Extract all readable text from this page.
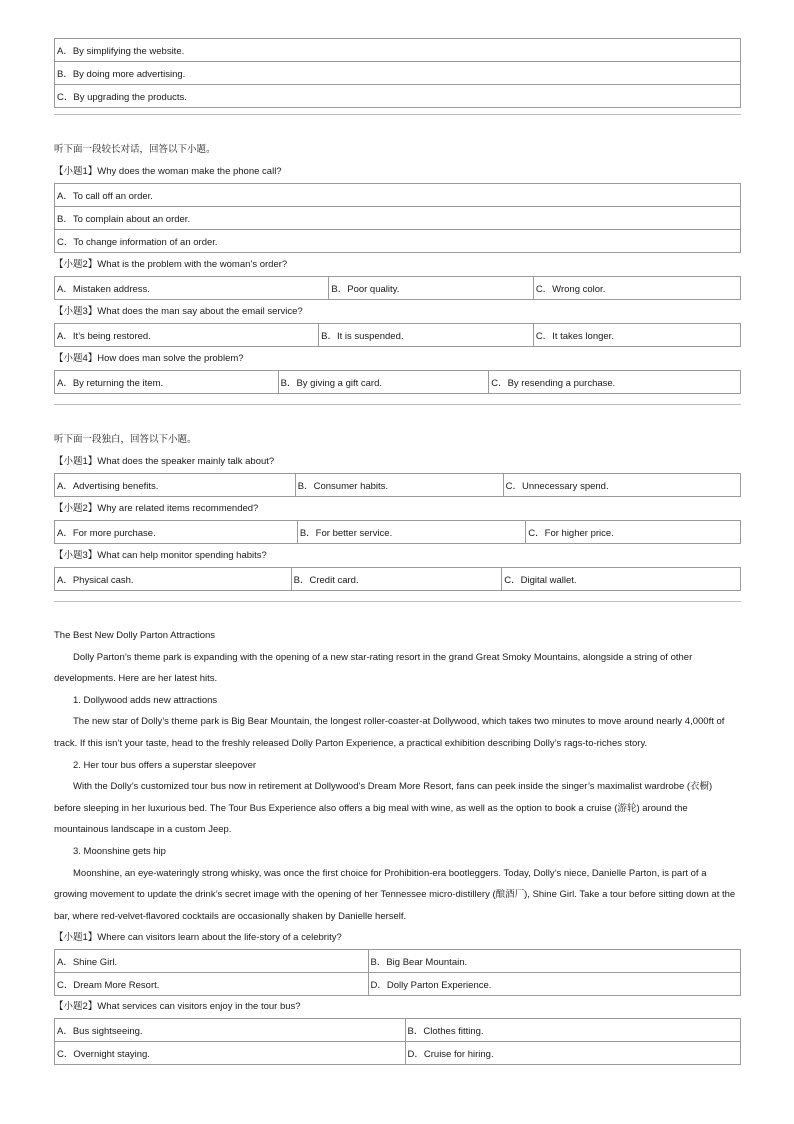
A．By simplifying the website.
B．By doing more advertising.
C．By upgrading the products.
听下面一段较长对话，回答以下小题。
【小题1】Why does the woman make the phone call?
A．To call off an order.
B．To complain about an order.
C．To change information of an order.
【小题2】What is the problem with the woman’s order?
A．Mistaken address.	B．Poor quality.	C．Wrong color.
【小题3】What does the man say about the email service?
A．It’s being restored.	B．It is suspended.	C．It takes longer.
【小题4】How does man solve the problem?
A．By returning the item.	B．By giving a gift card.	C．By resending a purchase.
听下面一段独白，回答以下小题。
【小题1】What does the speaker mainly talk about?
A．Advertising benefits.	B．Consumer habits.	C．Unnecessary spend.
【小题2】Why are related items recommended?
A．For more purchase.	B．For better service.	C．For higher price.
【小题3】What can help monitor spending habits?
A．Physical cash.	B．Credit card.	C．Digital wallet.
The Best New Dolly Parton Attractions
Dolly Parton’s theme park is expanding with the opening of a new star-rating resort in the grand Great Smoky Mountains, alongside a string of other developments. Here are her latest hits.
1. Dollywood adds new attractions
The new star of Dolly’s theme park is Big Bear Mountain, the longest roller-coaster-at Dollywood, which takes two minutes to move around nearly 4,000ft of track. If this isn’t your taste, head to the freshly released Dolly Parton Experience, a practical exhibition describing Dolly’s rags-to-riches story.
2. Her tour bus offers a superstar sleepover
With the Dolly’s customized tour bus now in retirement at Dollywood’s Dream More Resort, fans can peek inside the singer’s maximalist wardrobe (衣橱) before sleeping in her luxurious bed. The Tour Bus Experience also offers a big meal with wine, as well as the option to book a cruise (游轮) around the mountainous landscape in a custom Jeep.
3. Moonshine gets hip
Moonshine, an eye-wateringly strong whisky, was once the first choice for Prohibition-era bootleggers. Today, Dolly’s niece, Danielle Parton, is part of a growing movement to update the drink’s secret image with the opening of her Tennessee micro-distillery (酿酒厂), Shine Girl. Take a tour before sitting down at the bar, where red-velvet-flavored cocktails are occasionally shaken by Danielle herself.
【小题1】Where can visitors learn about the life-story of a celebrity?
A．Shine Girl.	B．Big Bear Mountain.
C．Dream More Resort.	D．Dolly Parton Experience.
【小题2】What services can visitors enjoy in the tour bus?
A．Bus sightseeing.	B．Clothes fitting.
C．Overnight staying.	D．Cruise for hiring.
